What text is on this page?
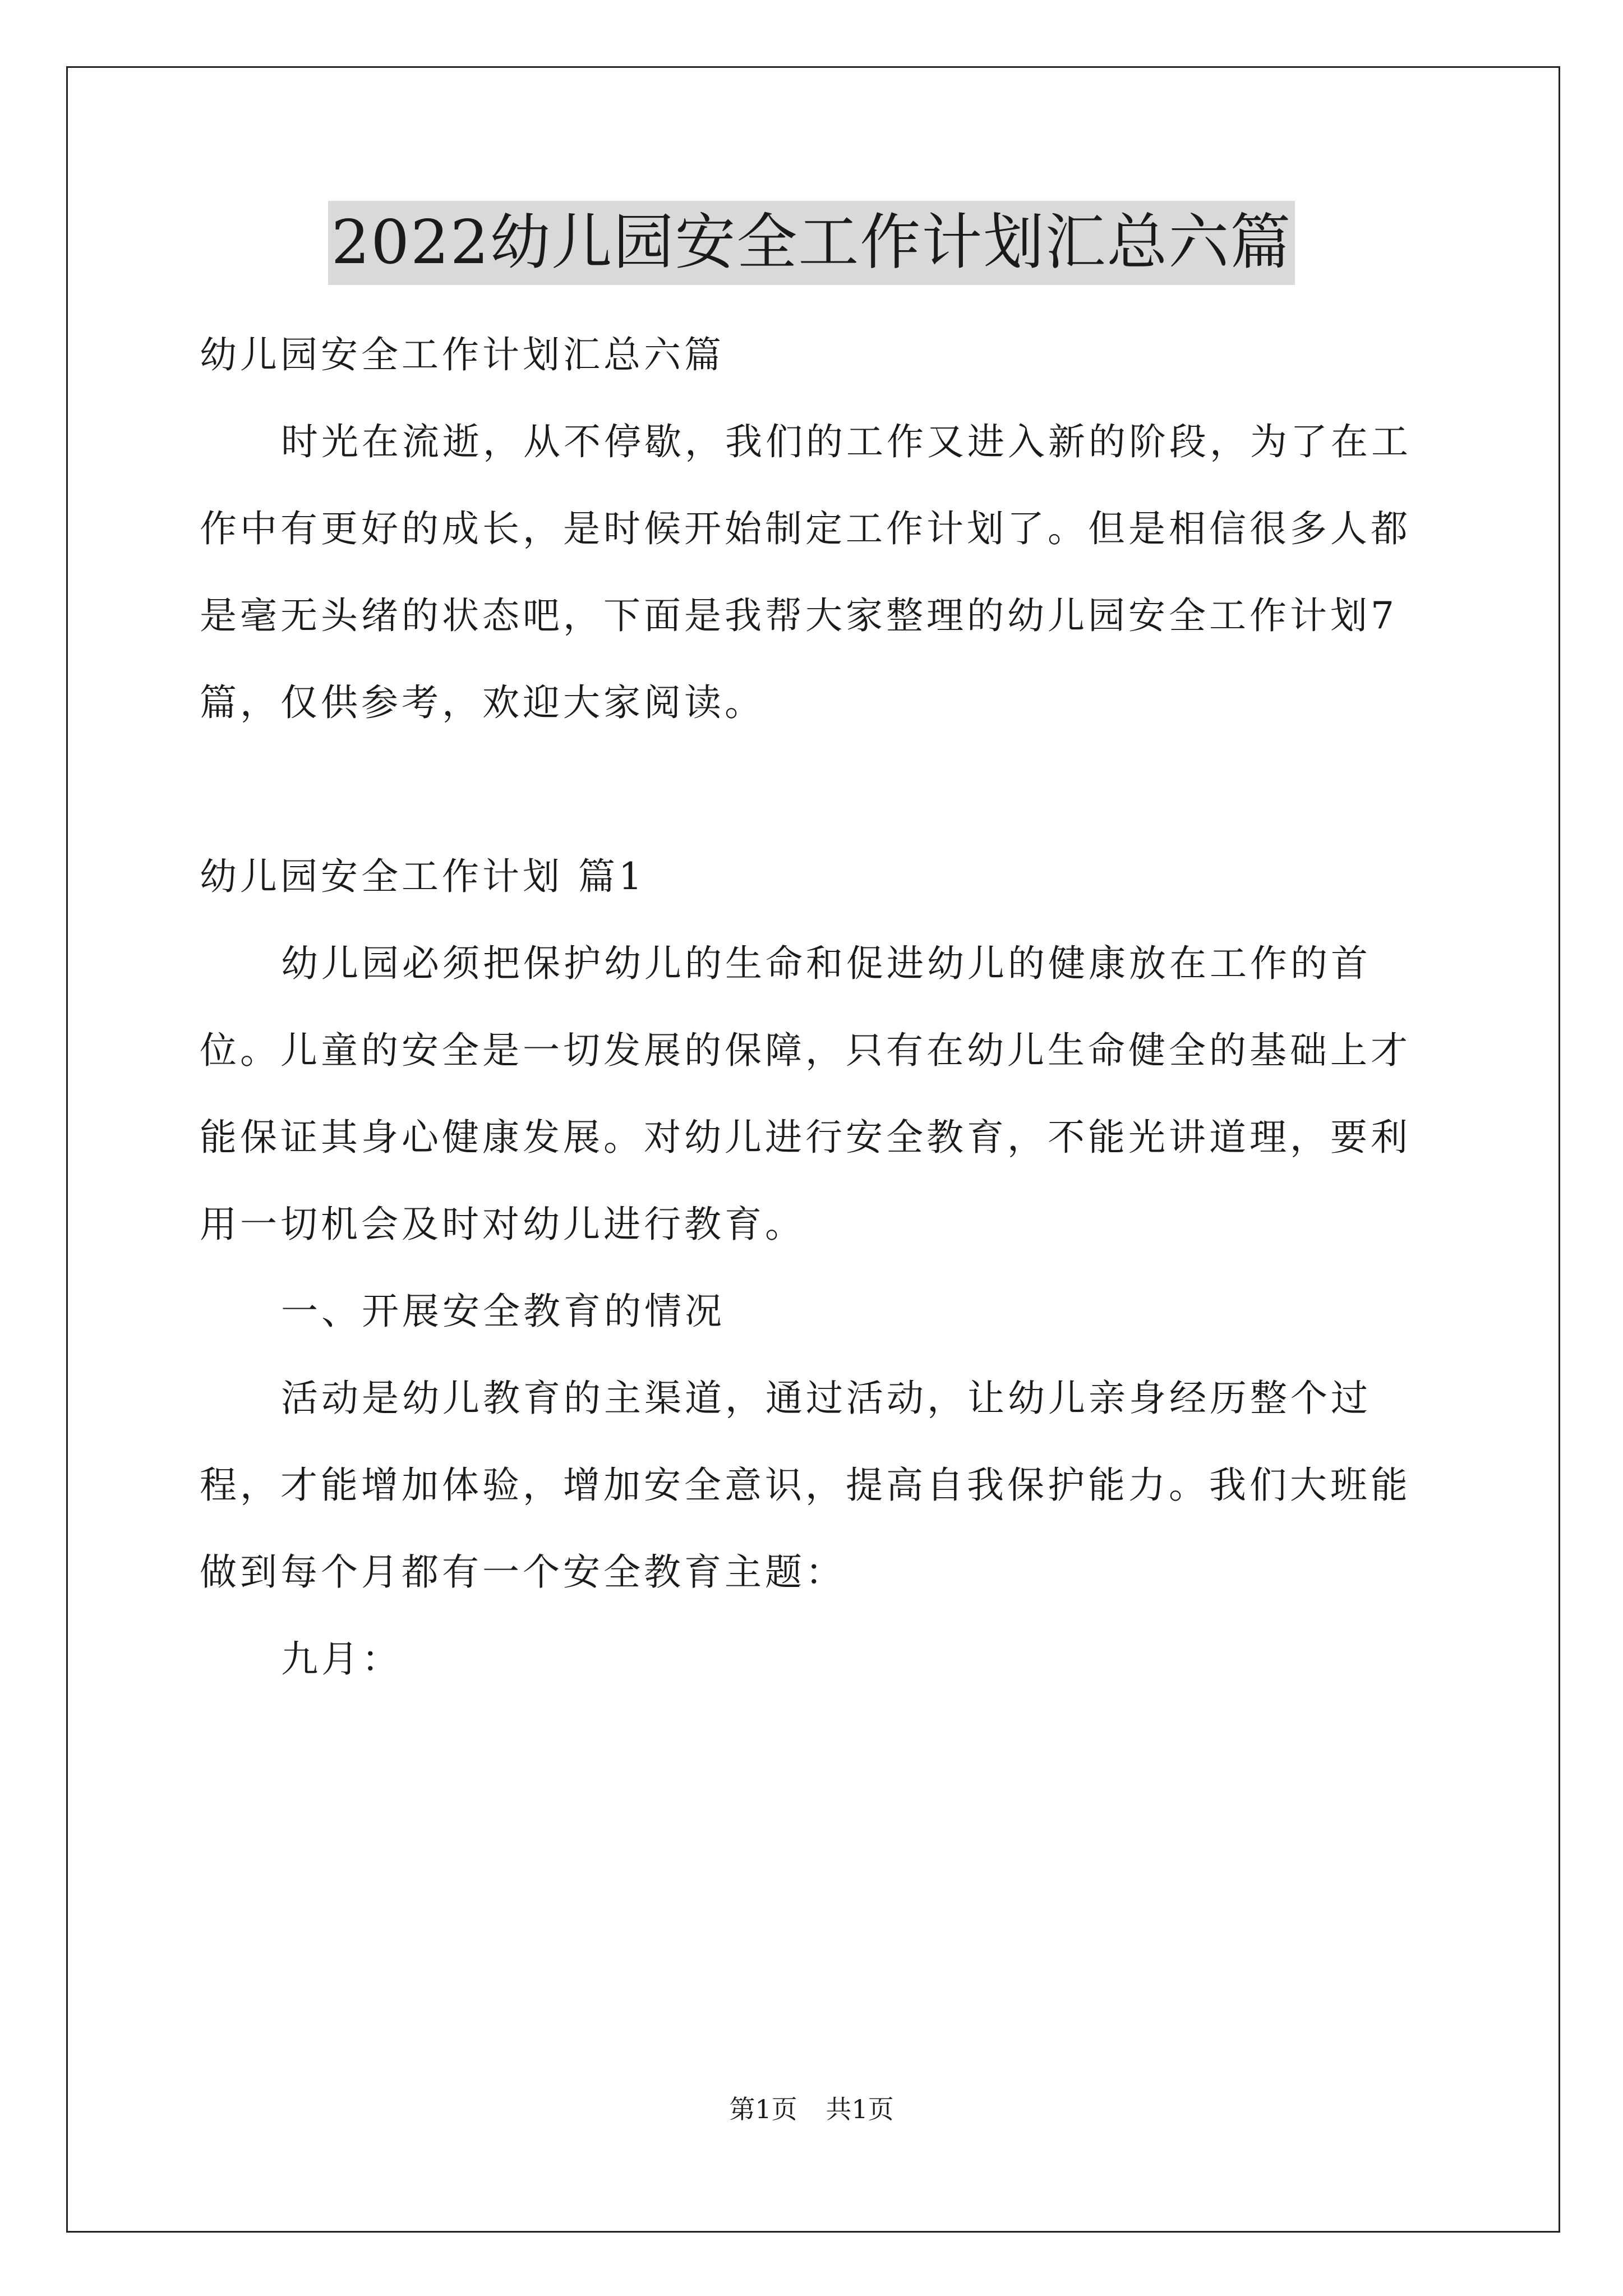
2022幼儿园安全工作计划汇总六篇

幼儿园安全工作计划汇总六篇

时光在流逝，从不停歇，我们的工作又进入新的阶段，为了在工作中有更好的成长，是时候开始制定工作计划了。但是相信很多人都是毫无头绪的状态吧，下面是我帮大家整理的幼儿园安全工作计划7篇，仅供参考，欢迎大家阅读。

幼儿园安全工作计划 篇1

幼儿园必须把保护幼儿的生命和促进幼儿的健康放在工作的首位。儿童的安全是一切发展的保障，只有在幼儿生命健全的基础上才能保证其身心健康发展。对幼儿进行安全教育，不能光讲道理，要利用一切机会及时对幼儿进行教育。

一、开展安全教育的情况

活动是幼儿教育的主渠道，通过活动，让幼儿亲身经历整个过程，才能增加体验，增加安全意识，提高自我保护能力。我们大班能做到每个月都有一个安全教育主题：

九月：

第1页 共1页
